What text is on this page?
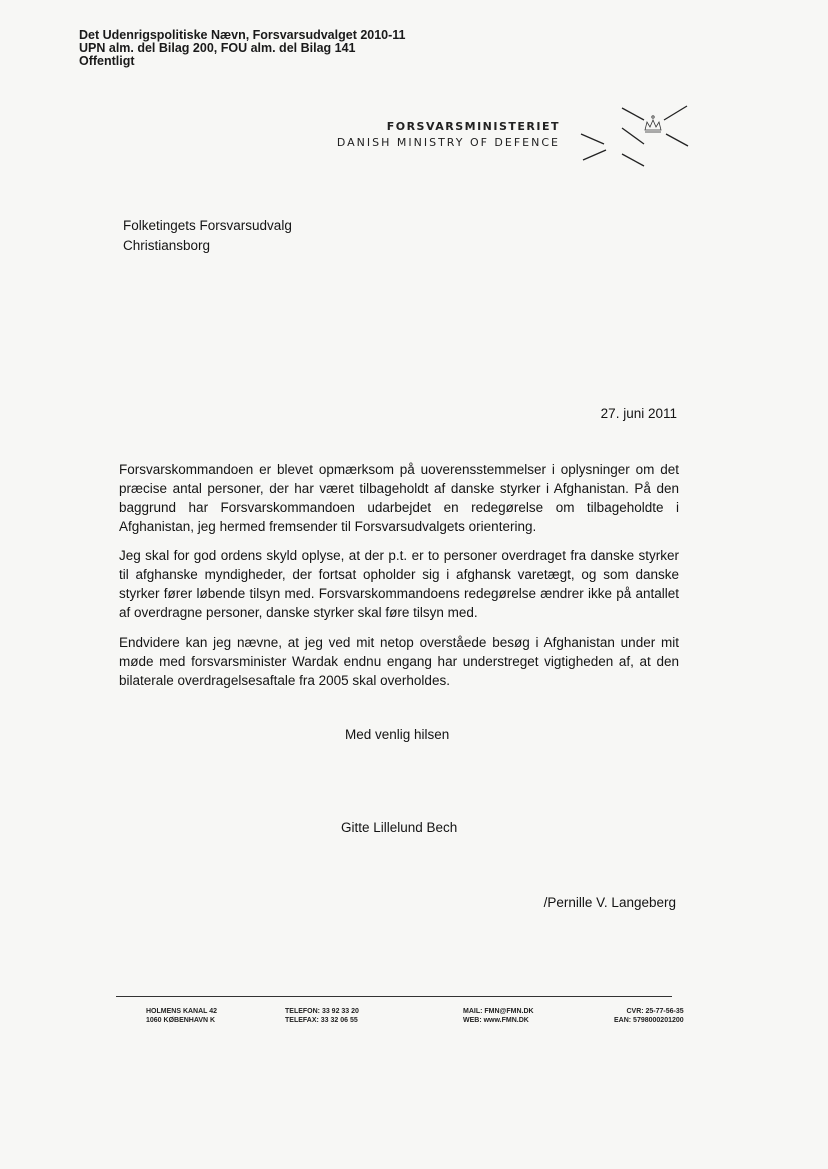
Det Udenrigspolitiske Nævn, Forsvarsudvalget 2010-11
UPN alm. del Bilag 200, FOU alm. del Bilag 141
Offentligt
FORSVARSMINISTERIET
DANISH MINISTRY OF DEFENCE
Folketingets Forsvarsudvalg
Christiansborg
27. juni 2011
Forsvarskommandoen er blevet opmærksom på uoverensstemmelser i oplysninger om det præcise antal personer, der har været tilbageholdt af danske styrker i Afghanistan. På den baggrund har Forsvarskommandoen udarbejdet en redegørelse om tilbageholdte i Afghanistan, jeg hermed fremsender til Forsvarsudvalgets orientering.
Jeg skal for god ordens skyld oplyse, at der p.t. er to personer overdraget fra danske styrker til afghanske myndigheder, der fortsat opholder sig i afghansk varetægt, og som danske styrker fører løbende tilsyn med. Forsvarskommandoens redegørelse ændrer ikke på antallet af overdragne personer, danske styrker skal føre tilsyn med.
Endvidere kan jeg nævne, at jeg ved mit netop overståede besøg i Afghanistan under mit møde med forsvarsminister Wardak endnu engang har understreget vigtigheden af, at den bilaterale overdragelsesaftale fra 2005 skal overholdes.
Med venlig hilsen
Gitte Lillelund Bech
/Pernille V. Langeberg
HOLMENS KANAL 42
1060 KØBENHAVN K
TELEFON: 33 92 33 20
TELEFAX: 33 32 06 55
MAIL: FMN@FMN.DK
WEB: www.FMN.DK
CVR: 25-77-56-35
EAN: 5798000201200
